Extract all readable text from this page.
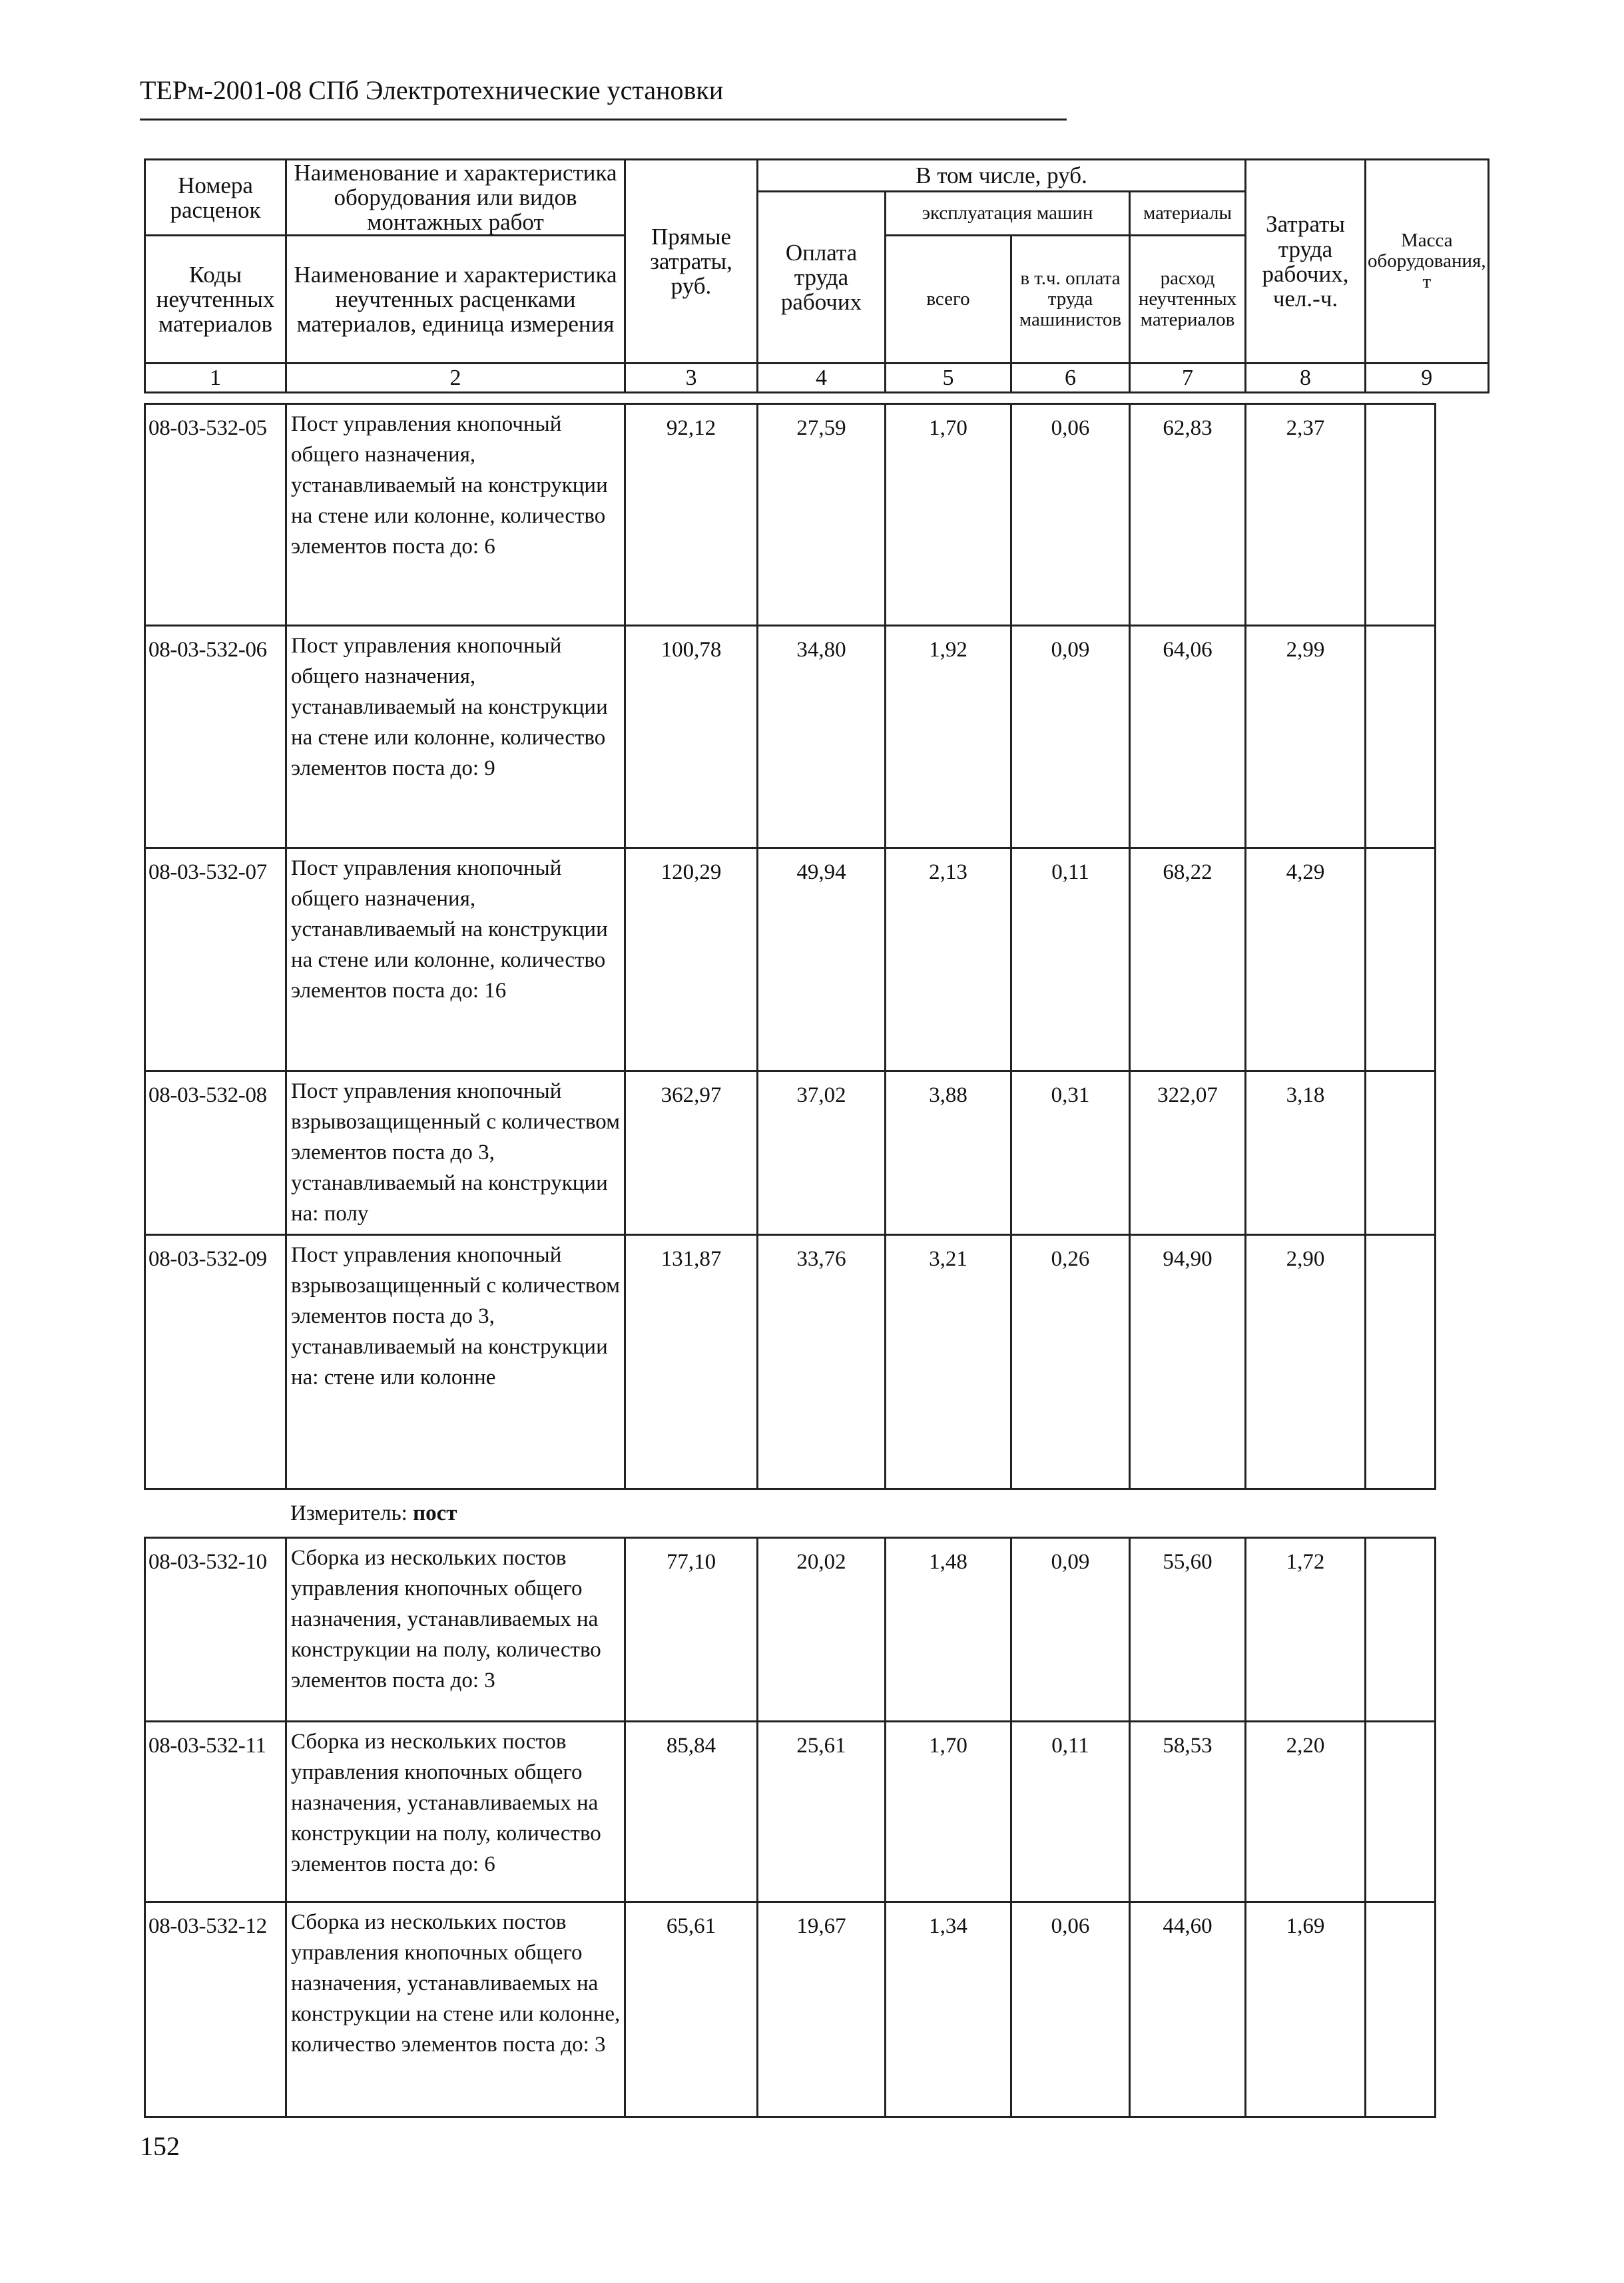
ТЕРм-2001-08 СПб Электротехнические установки
Номера расценок	Наименование и характеристика оборудования или видов монтажных работ	Прямые затраты, руб.	В том числе, руб.				Затраты труда рабочих, чел.-ч.	Масса оборудования, т
			Оплата труда рабочих	эксплуатация машин		материалы		
Коды неучтенных материалов	Наименование и характеристика неучтенных расценками материалов, единица измерения			всего	в т.ч. оплата труда машинистов	расход неучтенных материалов		

1	2	3	4	5	6	7	8	9
08-03-532-05	Пост управления кнопочный общего назначения, устанавливаемый на конструкции на стене или колонне, количество элементов поста до: 6	92,12	27,59	1,70	0,06	62,83	2,37	
08-03-532-06	Пост управления кнопочный общего назначения, устанавливаемый на конструкции на стене или колонне, количество элементов поста до: 9	100,78	34,80	1,92	0,09	64,06	2,99	
08-03-532-07	Пост управления кнопочный общего назначения, устанавливаемый на конструкции на стене или колонне, количество элементов поста до: 16	120,29	49,94	2,13	0,11	68,22	4,29	
08-03-532-08	Пост управления кнопочный взрывозащищенный с количеством элементов поста до 3, устанавливаемый на конструкции на: полу	362,97	37,02	3,88	0,31	322,07	3,18	
08-03-532-09	Пост управления кнопочный взрывозащищенный с количеством элементов поста до 3, устанавливаемый на конструкции на: стене или колонне	131,87	33,76	3,21	0,26	94,90	2,90	
Измеритель: пост
08-03-532-10	Сборка из нескольких постов управления кнопочных общего назначения, устанавливаемых на конструкции на полу, количество элементов поста до: 3	77,10	20,02	1,48	0,09	55,60	1,72	
08-03-532-11	Сборка из нескольких постов управления кнопочных общего назначения, устанавливаемых на конструкции на полу, количество элементов поста до: 6	85,84	25,61	1,70	0,11	58,53	2,20	
08-03-532-12	Сборка из нескольких постов управления кнопочных общего назначения, устанавливаемых на конструкции на стене или колонне, количество элементов поста до: 3	65,61	19,67	1,34	0,06	44,60	1,69	
152
